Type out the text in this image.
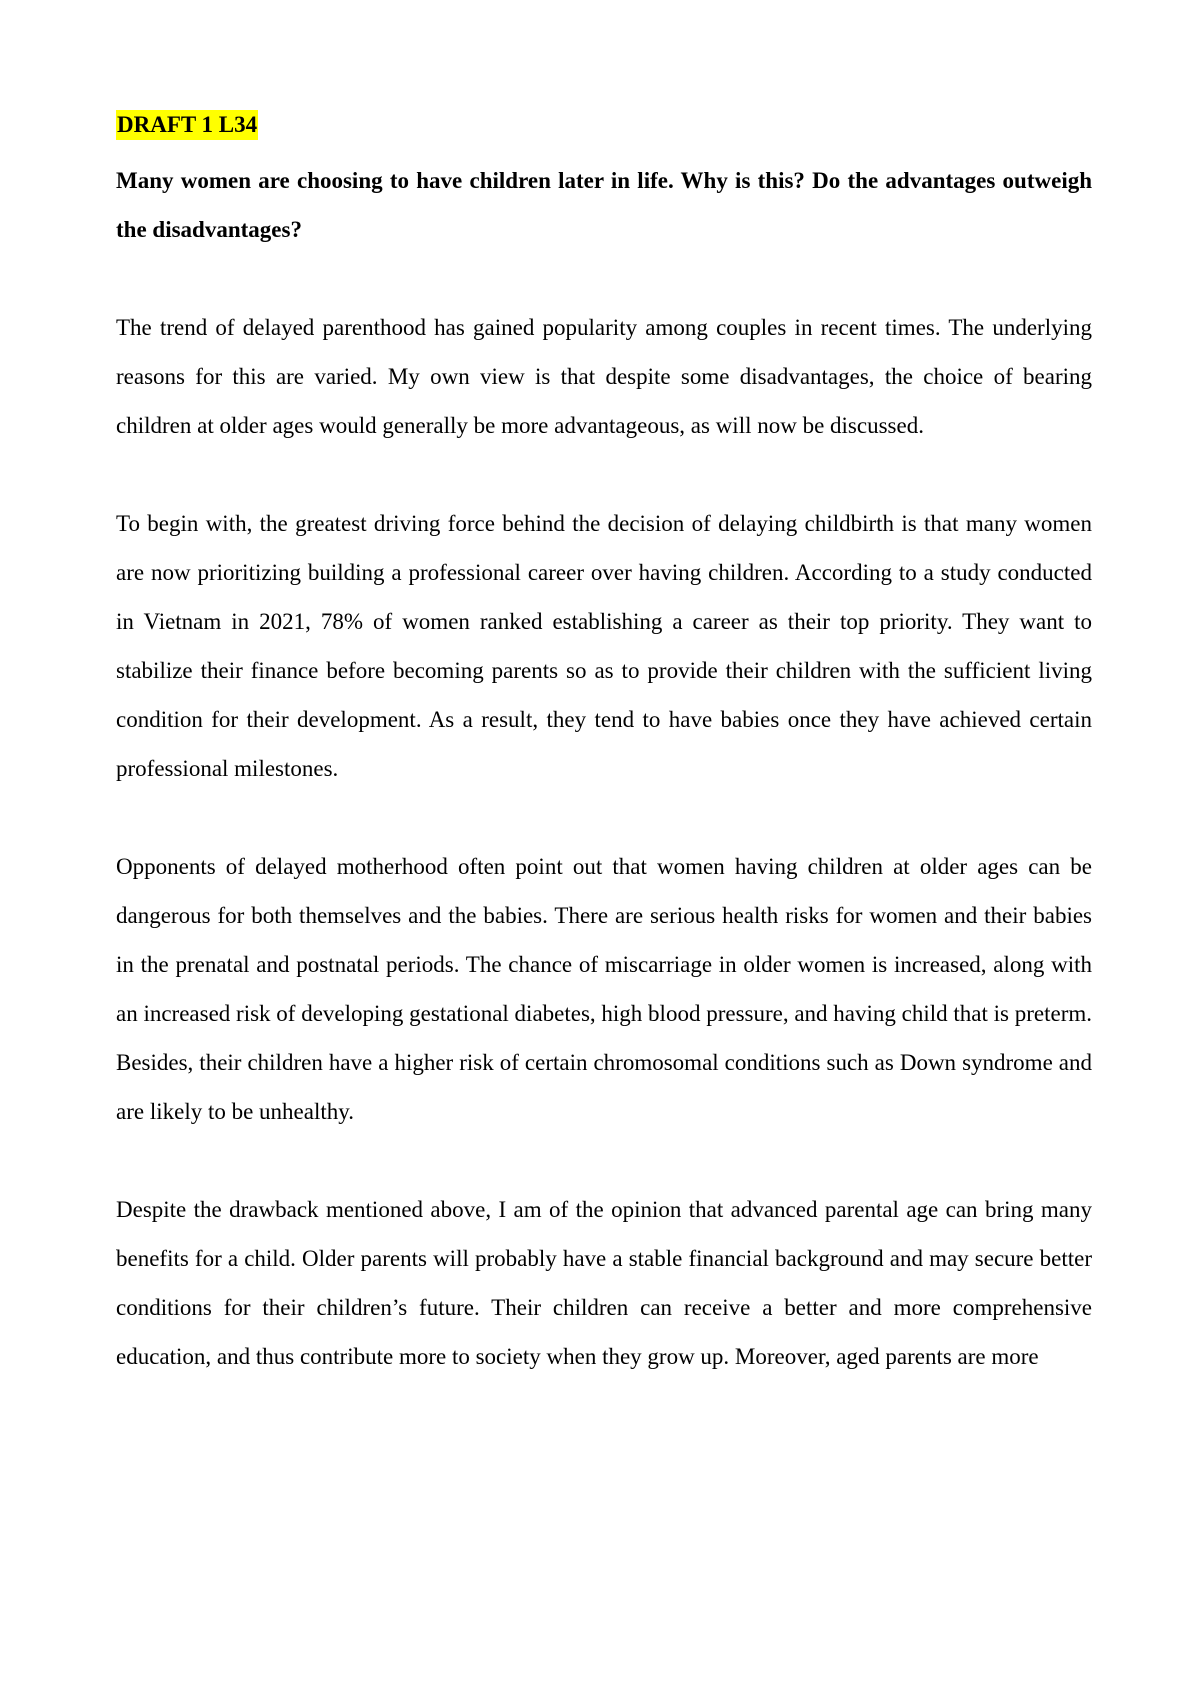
DRAFT 1 L34

Many women are choosing to have children later in life. Why is this? Do the advantages outweigh the disadvantages?

The trend of delayed parenthood has gained popularity among couples in recent times. The underlying reasons for this are varied. My own view is that despite some disadvantages, the choice of bearing children at older ages would generally be more advantageous, as will now be discussed.

To begin with, the greatest driving force behind the decision of delaying childbirth is that many women are now prioritizing building a professional career over having children. According to a study conducted in Vietnam in 2021, 78% of women ranked establishing a career as their top priority. They want to stabilize their finance before becoming parents so as to provide their children with the sufficient living condition for their development. As a result, they tend to have babies once they have achieved certain professional milestones.

Opponents of delayed motherhood often point out that women having children at older ages can be dangerous for both themselves and the babies. There are serious health risks for women and their babies in the prenatal and postnatal periods. The chance of miscarriage in older women is increased, along with an increased risk of developing gestational diabetes, high blood pressure, and having child that is preterm. Besides, their children have a higher risk of certain chromosomal conditions such as Down syndrome and are likely to be unhealthy.

Despite the drawback mentioned above, I am of the opinion that advanced parental age can bring many benefits for a child. Older parents will probably have a stable financial background and may secure better conditions for their children’s future. Their children can receive a better and more comprehensive education, and thus contribute more to society when they grow up. Moreover, aged parents are more
